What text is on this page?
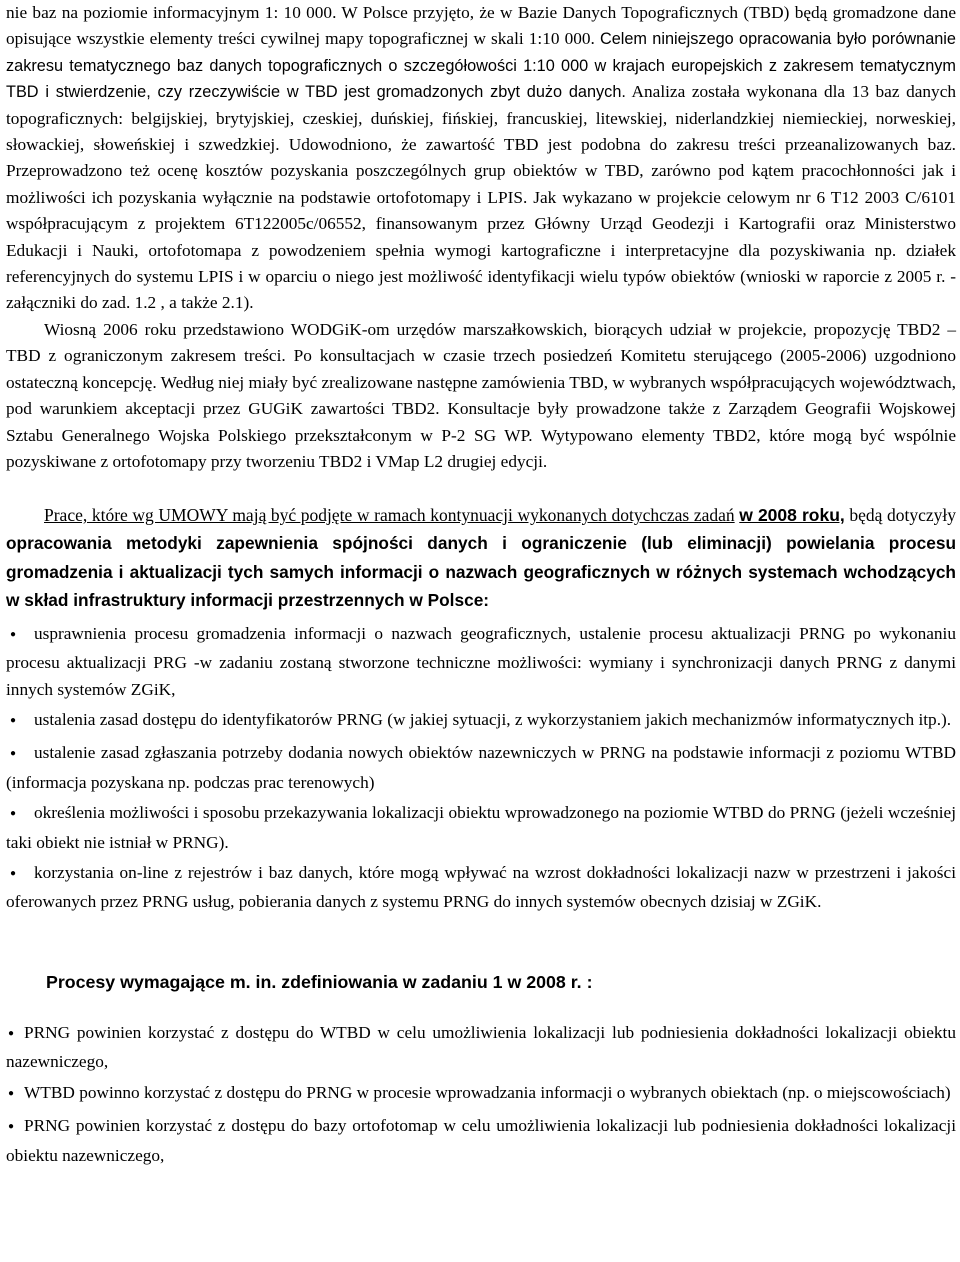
nie baz na poziomie informacyjnym 1: 10 000. W Polsce przyjęto, że w Bazie Danych Topograficznych (TBD) będą gromadzone dane opisujące wszystkie elementy treści cywilnej mapy topograficznej w skali 1:10 000. Celem niniejszego opracowania było porównanie zakresu tematycznego baz danych topograficznych o szczegółowości 1:10 000 w krajach europejskich z zakresem tematycznym TBD i stwierdzenie, czy rzeczywiście w TBD jest gromadzonych zbyt dużo danych. Analiza została wykonana dla 13 baz danych topograficznych: belgijskiej, brytyjskiej, czeskiej, duńskiej, fińskiej, francuskiej, litewskiej, niderlandzkiej niemieckiej, norweskiej, słowackiej, słoweńskiej i szwedzkiej. Udowodniono, że zawartość TBD jest podobna do zakresu treści przeanalizowanych baz. Przeprowadzono też ocenę kosztów pozyskania poszczególnych grup obiektów w TBD, zarówno pod kątem pracochłonności jak i możliwości ich pozyskania wyłącznie na podstawie ortofotomapy i LPIS. Jak wykazano w projekcie celowym nr 6 T12 2003 C/6101 współpracującym z projektem 6T122005c/06552, finansowanym przez Główny Urząd Geodezji i Kartografii oraz Ministerstwo Edukacji i Nauki, ortofotomapa z powodzeniem spełnia wymogi kartograficzne i interpretacyjne dla pozyskiwania np. działek referencyjnych do systemu LPIS i w oparciu o niego jest możliwość identyfikacji wielu typów obiektów (wnioski w raporcie z 2005 r. - załączniki do zad. 1.2 , a także 2.1).

Wiosną 2006 roku przedstawiono WODGiK-om urzędów marszałkowskich, biorących udział w projekcie, propozycję TBD2 – TBD z ograniczonym zakresem treści. Po konsultacjach w czasie trzech posiedzeń Komitetu sterującego (2005-2006) uzgodniono ostateczną koncepcję. Według niej miały być zrealizowane następne zamówienia TBD, w wybranych współpracujących województwach, pod warunkiem akceptacji przez GUGiK zawartości TBD2. Konsultacje były prowadzone także z Zarządem Geografii Wojskowej Sztabu Generalnego Wojska Polskiego przekształconym w P-2 SG WP. Wytypowano elementy TBD2, które mogą być wspólnie pozyskiwane z ortofotomapy przy tworzeniu TBD2 i VMap L2 drugiej edycji.

Prace, które wg UMOWY mają być podjęte w ramach kontynuacji wykonanych dotychczas zadań w 2008 roku, będą dotyczyły opracowania metodyki zapewnienia spójności danych i ograniczenie (lub eliminacji) powielania procesu gromadzenia i aktualizacji tych samych informacji o nazwach geograficznych w różnych systemach wchodzących w skład infrastruktury informacji przestrzennych w Polsce:

●usprawnienia procesu gromadzenia informacji o nazwach geograficznych, ustalenie procesu aktualizacji PRNG po wykonaniu procesu aktualizacji PRG -w zadaniu zostaną stworzone techniczne możliwości: wymiany i synchronizacji danych PRNG z danymi innych systemów ZGiK,
●ustalenia zasad dostępu do identyfikatorów PRNG (w jakiej sytuacji, z wykorzystaniem jakich mechanizmów informatycznych itp.).
●ustalenie zasad zgłaszania potrzeby dodania nowych obiektów nazewniczych w PRNG na podstawie informacji z poziomu WTBD (informacja pozyskana np. podczas prac terenowych)
●określenia możliwości i sposobu przekazywania lokalizacji obiektu wprowadzonego na poziomie WTBD do PRNG (jeżeli wcześniej taki obiekt nie istniał w PRNG).
●korzystania on-line z rejestrów i baz danych, które mogą wpływać na wzrost dokładności lokalizacji nazw w przestrzeni i jakości oferowanych przez PRNG usług, pobierania danych z systemu PRNG do innych systemów obecnych dzisiaj w ZGiK.
Procesy wymagające m. in. zdefiniowania w zadaniu 1 w 2008 r. :
●PRNG powinien korzystać z dostępu do WTBD w celu umożliwienia lokalizacji lub podniesienia dokładności lokalizacji obiektu nazewniczego,
●WTBD powinno korzystać z dostępu do PRNG w procesie wprowadzania informacji o wybranych obiektach (np. o miejscowościach)
●PRNG powinien korzystać z dostępu do bazy ortofotomap w celu umożliwienia lokalizacji lub podniesienia dokładności lokalizacji obiektu nazewniczego,
